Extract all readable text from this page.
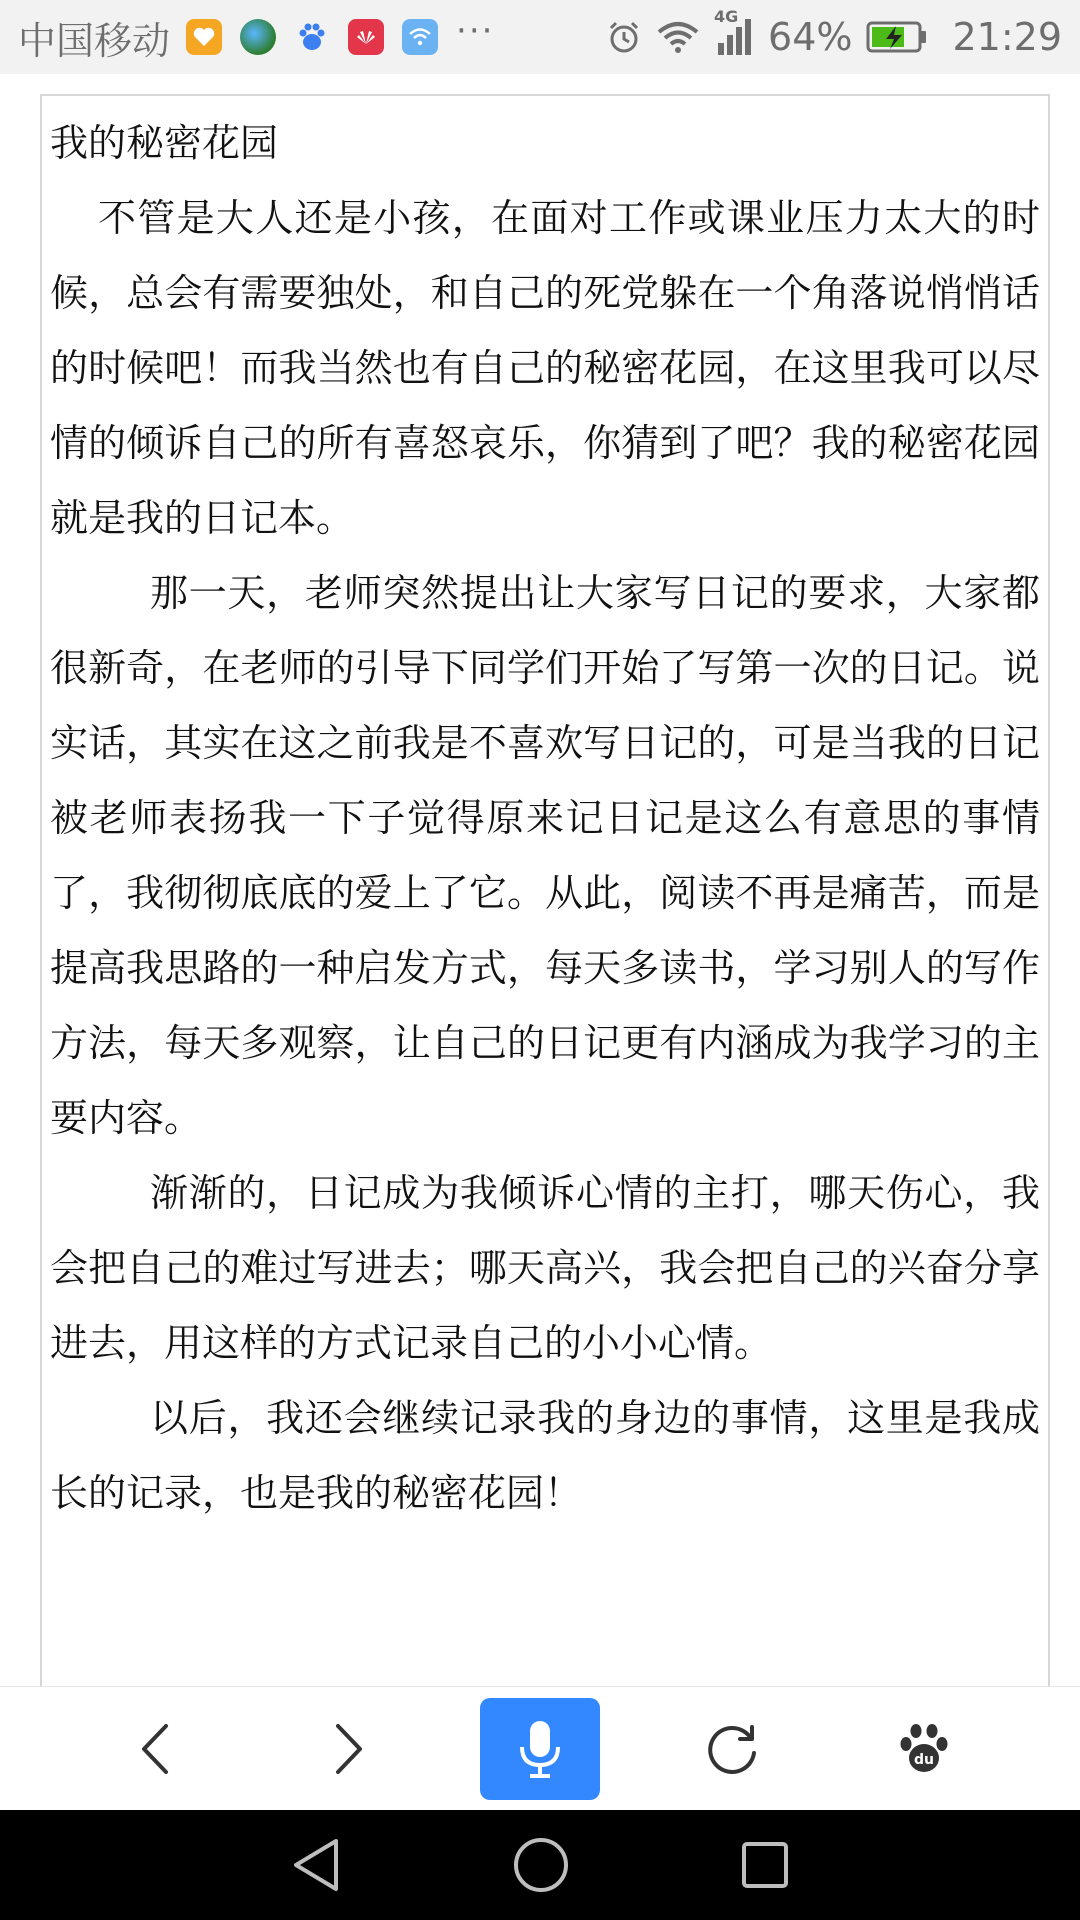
中国移动	···	4G 64%	21:29

我的秘密花园

不管是大人还是小孩，在面对工作或课业压力太大的时候，总会有需要独处，和自己的死党躲在一个角落说悄悄话的时候吧！而我当然也有自己的秘密花园，在这里我可以尽情的倾诉自己的所有喜怒哀乐，你猜到了吧？我的秘密花园就是我的日记本。

那一天，老师突然提出让大家写日记的要求，大家都很新奇，在老师的引导下同学们开始了写第一次的日记。说实话，其实在这之前我是不喜欢写日记的，可是当我的日记被老师表扬我一下子觉得原来记日记是这么有意思的事情了，我彻彻底底的爱上了它。从此，阅读不再是痛苦，而是提高我思路的一种启发方式，每天多读书，学习别人的写作方法，每天多观察，让自己的日记更有内涵成为我学习的主要内容。

渐渐的，日记成为我倾诉心情的主打，哪天伤心，我会把自己的难过写进去；哪天高兴，我会把自己的兴奋分享进去，用这样的方式记录自己的小小心情。

以后，我还会继续记录我的身边的事情，这里是我成长的记录，也是我的秘密花园！

du
